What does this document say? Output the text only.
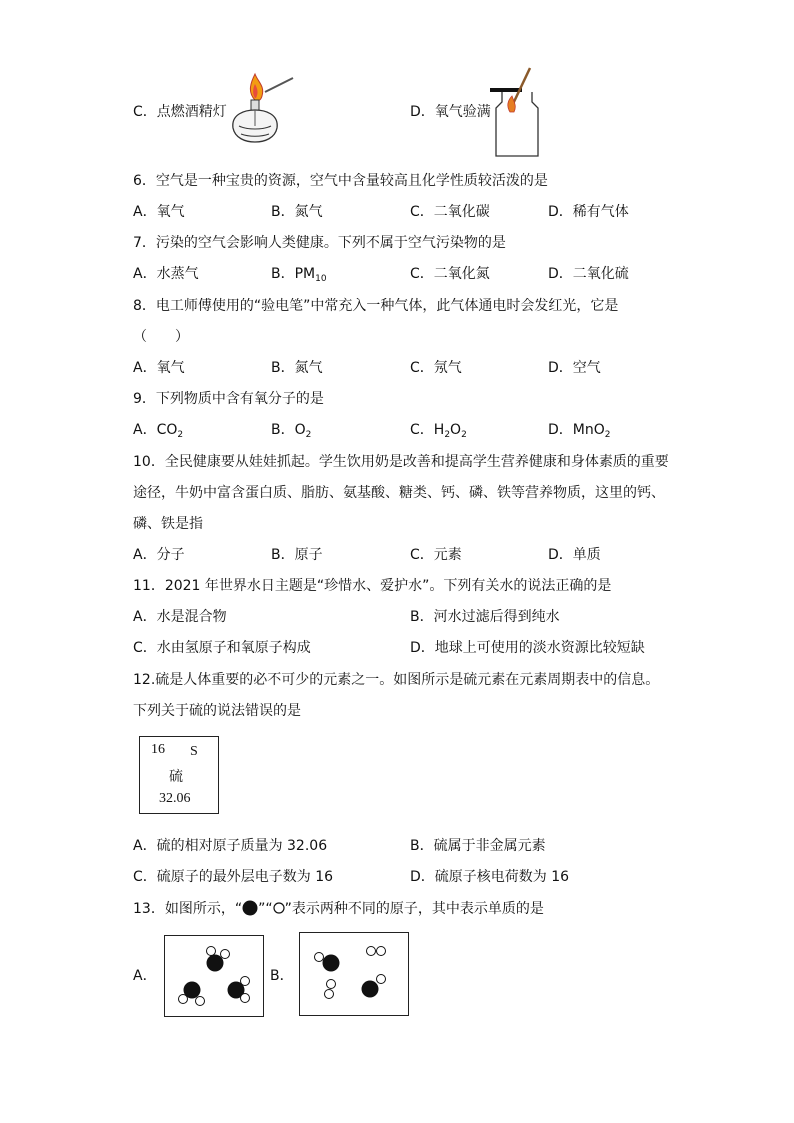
C．点燃酒精灯	D．氧气验满
6．空气是一种宝贵的资源，空气中含量较高且化学性质较活泼的是
A．氧气	B．氮气	C．二氧化碳	D．稀有气体
7．污染的空气会影响人类健康。下列不属于空气污染物的是
A．水蒸气	B．$PM_{10}$	C．二氧化氮	D．二氧化硫
8．电工师傅使用的“验电笔”中常充入一种气体，此气体通电时会发红光，它是
（　　）
A．氧气	B．氮气	C．氖气	D．空气
9．下列物质中含有氧分子的是
A．$CO_2$	B．$O_2$	C．$H_2O_2$	D．MnO$_2$
10．全民健康要从娃娃抓起。学生饮用奶是改善和提高学生营养健康和身体素质的重要
途径，牛奶中富含蛋白质、脂肪、氨基酸、糖类、钙、磷、铁等营养物质，这里的钙、
磷、铁是指
A．分子	B．原子	C．元素	D．单质
11．2021 年世界水日主题是“珍惜水、爱护水”。下列有关水的说法正确的是
A．水是混合物	B．河水过滤后得到纯水
C．水由氢原子和氧原子构成	D．地球上可使用的淡水资源比较短缺
12.硫是人体重要的必不可少的元素之一。如图所示是硫元素在元素周期表中的信息。
下列关于硫的说法错误的是
16 S
硫
32.06
A．硫的相对原子质量为 32.06	B．硫属于非金属元素
C．硫原子的最外层电子数为 16	D．硫原子核电荷数为 16
13．如图所示，“ ”“ ”表示两种不同的原子，其中表示单质的是
A．	B．
